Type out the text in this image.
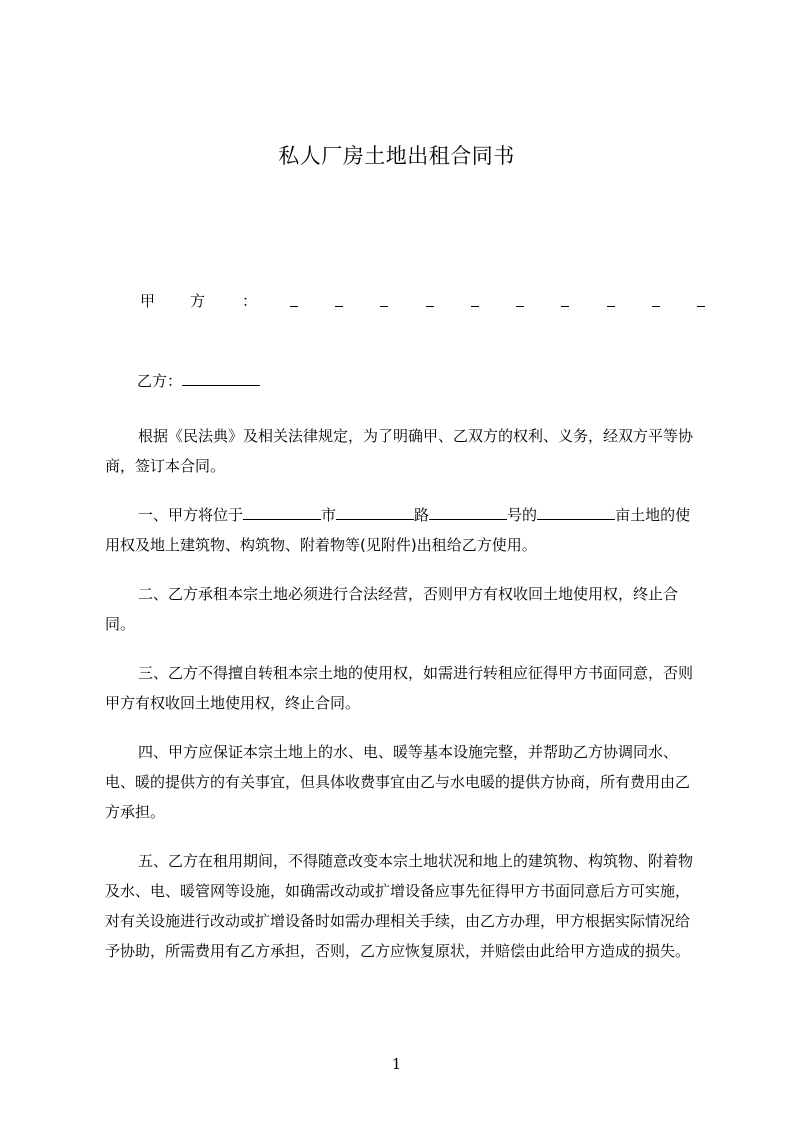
私人厂房土地出租合同书
甲 方 ：
乙方：
根据《民法典》及相关法律规定，为了明确甲、乙双方的权利、义务，经双方平等协商，签订本合同。
一、甲方将位于	市	路	号的	亩土地的使用权及地上建筑物、构筑物、附着物等(见附件)出租给乙方使用。
二、乙方承租本宗土地必须进行合法经营，否则甲方有权收回土地使用权，终止合同。
三、乙方不得擅自转租本宗土地的使用权，如需进行转租应征得甲方书面同意，否则甲方有权收回土地使用权，终止合同。
四、甲方应保证本宗土地上的水、电、暖等基本设施完整，并帮助乙方协调同水、电、暖的提供方的有关事宜，但具体收费事宜由乙与水电暖的提供方协商，所有费用由乙方承担。
五、乙方在租用期间，不得随意改变本宗土地状况和地上的建筑物、构筑物、附着物及水、电、暖管网等设施，如确需改动或扩增设备应事先征得甲方书面同意后方可实施，对有关设施进行改动或扩增设备时如需办理相关手续，由乙方办理，甲方根据实际情况给予协助，所需费用有乙方承担，否则，乙方应恢复原状，并赔偿由此给甲方造成的损失。
1
